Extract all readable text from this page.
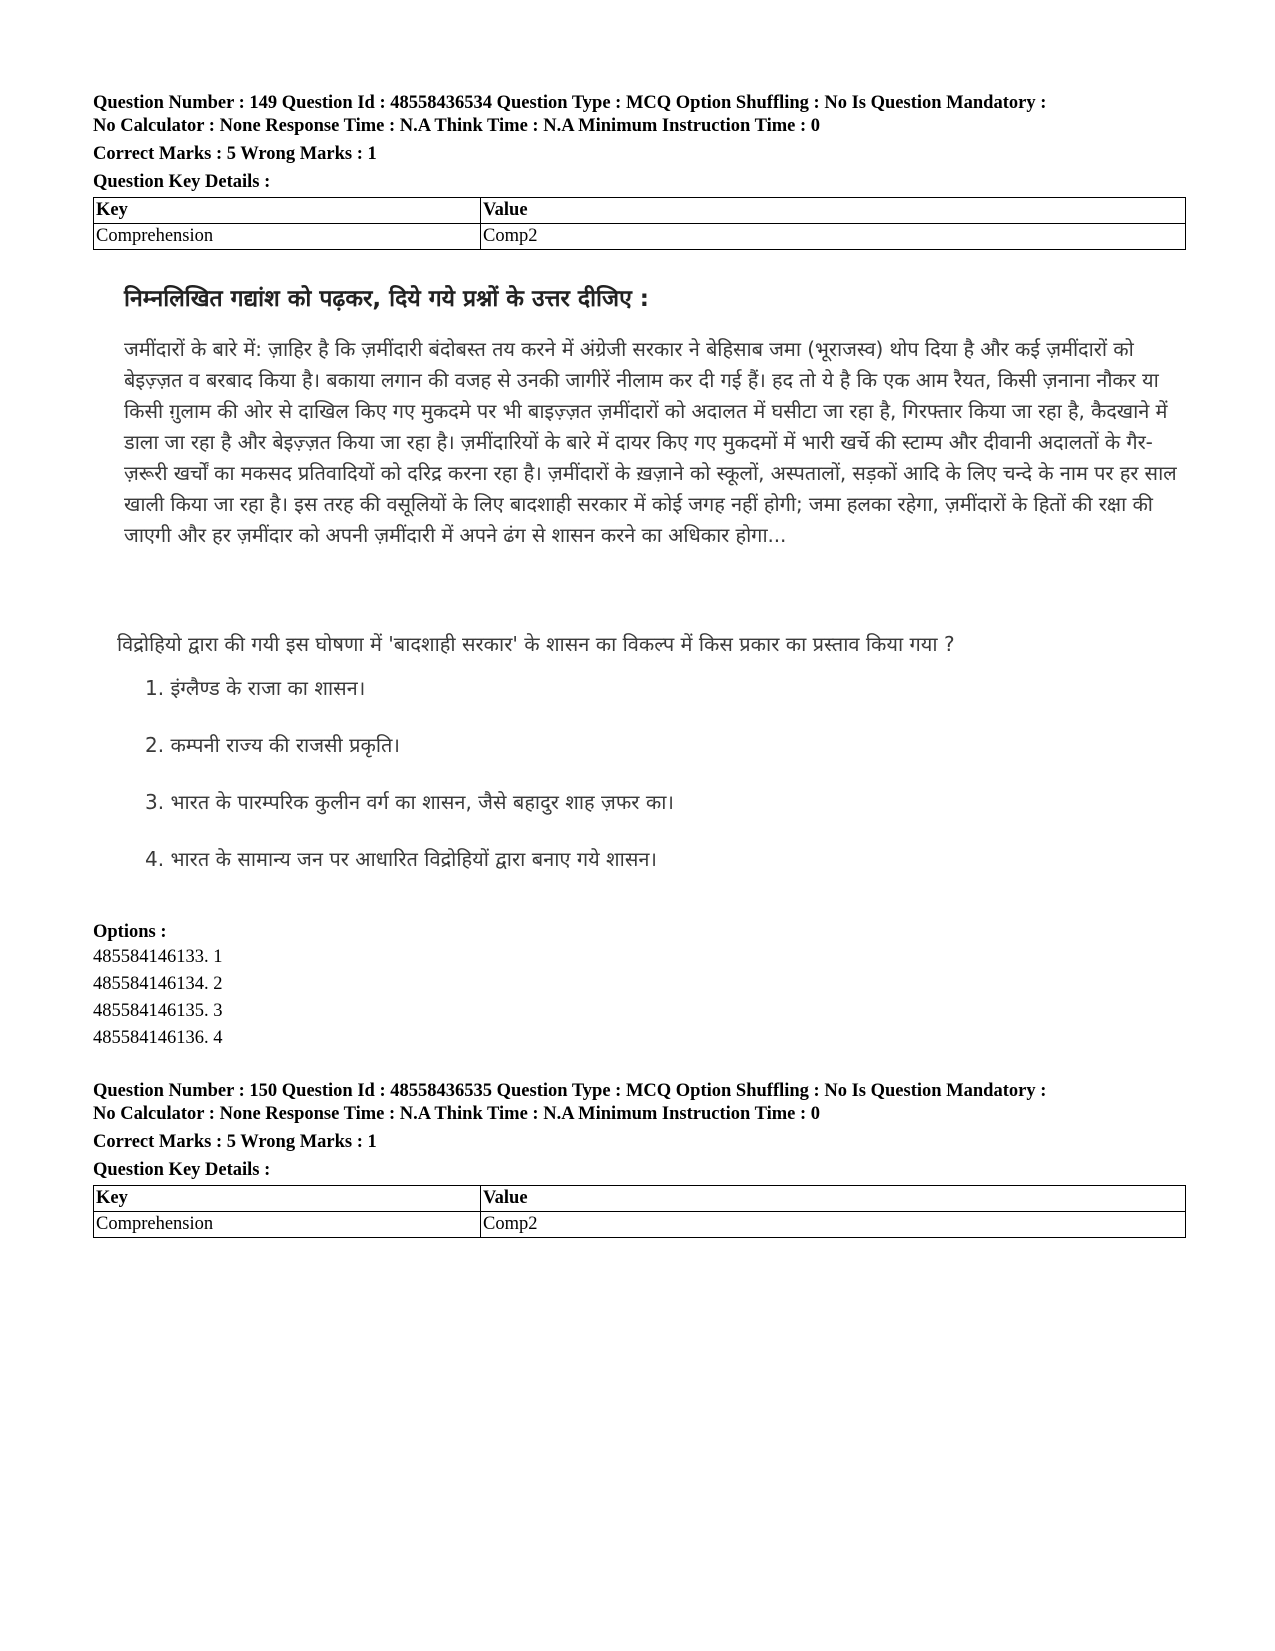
Question Number : 149 Question Id : 48558436534 Question Type : MCQ Option Shuffling : No Is Question Mandatory :

No Calculator : None Response Time : N.A Think Time : N.A Minimum Instruction Time : 0

Correct Marks : 5 Wrong Marks : 1
Question Key Details :
Key	Value
Comprehension	Comp2
निम्नलिखित गद्यांश को पढ़कर, दिये गये प्रश्नों के उत्तर दीजिए :
जमींदारों के बारे में: ज़ाहिर है कि ज़मींदारी बंदोबस्त तय करने में अंग्रेजी सरकार ने बेहिसाब जमा (भूराजस्व) थोप दिया है और कई ज़मींदारों को बेइज़्ज़त व बरबाद किया है। बकाया लगान की वजह से उनकी जागीरें नीलाम कर दी गई हैं। हद तो ये है कि एक आम रैयत, किसी ज़नाना नौकर या किसी ग़ुलाम की ओर से दाखिल किए गए मुकदमे पर भी बाइज़्ज़त ज़मींदारों को अदालत में घसीटा जा रहा है, गिरफ्तार किया जा रहा है, कैदखाने में डाला जा रहा है और बेइज़्ज़त किया जा रहा है। ज़मींदारियों के बारे में दायर किए गए मुकदमों में भारी खर्चे की स्टाम्प और दीवानी अदालतों के गैर-ज़रूरी खर्चों का मकसद प्रतिवादियों को दरिद्र करना रहा है। ज़मींदारों के ख़ज़ाने को स्कूलों, अस्पतालों, सड़कों आदि के लिए चन्दे के नाम पर हर साल खाली किया जा रहा है। इस तरह की वसूलियों के लिए बादशाही सरकार में कोई जगह नहीं होगी; जमा हलका रहेगा, ज़मींदारों के हितों की रक्षा की जाएगी और हर ज़मींदार को अपनी ज़मींदारी में अपने ढंग से शासन करने का अधिकार होगा...
विद्रोहियो द्वारा की गयी इस घोषणा में 'बादशाही सरकार' के शासन का विकल्प में किस प्रकार का प्रस्ताव किया गया ?
1. इंग्लैण्ड के राजा का शासन।
2. कम्पनी राज्य की राजसी प्रकृति।
3. भारत के पारम्परिक कुलीन वर्ग का शासन, जैसे बहादुर शाह ज़फर का।
4. भारत के सामान्य जन पर आधारित विद्रोहियों द्वारा बनाए गये शासन।
Options :
485584146133. 1
485584146134. 2
485584146135. 3
485584146136. 4

Question Number : 150 Question Id : 48558436535 Question Type : MCQ Option Shuffling : No Is Question Mandatory :

No Calculator : None Response Time : N.A Think Time : N.A Minimum Instruction Time : 0

Correct Marks : 5 Wrong Marks : 1
Question Key Details :
Key	Value
Comprehension	Comp2
